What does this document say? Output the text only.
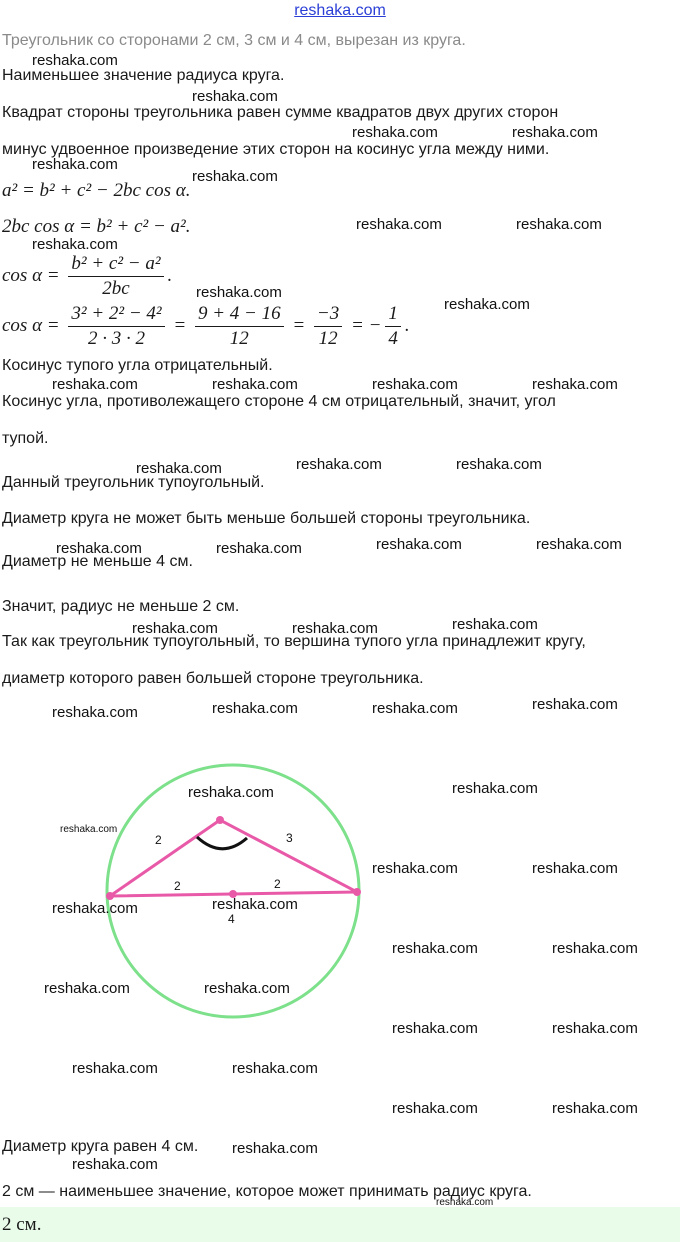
reshaka.com
Треугольник со сторонами 2 см, 3 см и 4 см, вырезан из круга.
Наименьшее значение радиуса круга.
Квадрат стороны треугольника равен сумме квадратов двух других сторон
минус удвоенное произведение этих сторон на косинус угла между ними.
a² = b² + c² − 2bc cos α.
2bc cos α = b² + c² − a².
$\cos \alpha = \frac{\text{b² + c² − a²}}{2bc}$ .
$\cos \alpha = \frac{\text{3² + 2² − 4²}}{2 \cdot 3 \cdot 2} = \frac{9 + 4 - 16}{12} = \frac{-3}{12}$ = − $\frac{1}{4}$ .
Косинус тупого угла отрицательный.
Косинус угла, противолежащего стороне 4 см отрицательный, значит, угол
тупой.
Данный треугольник тупоугольный.
Диаметр круга не может быть меньше большей стороны треугольника.
Диаметр не меньше 4 см.
Значит, радиус не меньше 2 см.
Так как треугольник тупоугольный, то вершина тупого угла принадлежит кругу,
диаметр которого равен большей стороне треугольника.
2	3
2	2
4
Диаметр круга равен 4 см.
2 см — наименьшее значение, которое может принимать радиус круга.
2 см.
reshaka.com
reshaka.com
reshaka.com	reshaka.com
reshaka.com
reshaka.com
reshaka.com	reshaka.com
reshaka.com
reshaka.com
reshaka.com
reshaka.com	reshaka.com	reshaka.com	reshaka.com
reshaka.com	reshaka.com	reshaka.com
reshaka.com	reshaka.com	reshaka.com	reshaka.com
reshaka.com	reshaka.com	reshaka.com
reshaka.com	reshaka.com	reshaka.com	reshaka.com
reshaka.com	reshaka.com
reshaka.com
reshaka.com	reshaka.com
reshaka.com	reshaka.com
reshaka.com	reshaka.com
reshaka.com	reshaka.com
reshaka.com	reshaka.com
reshaka.com	reshaka.com
reshaka.com	reshaka.com
reshaka.com
reshaka.com
reshaka.com
